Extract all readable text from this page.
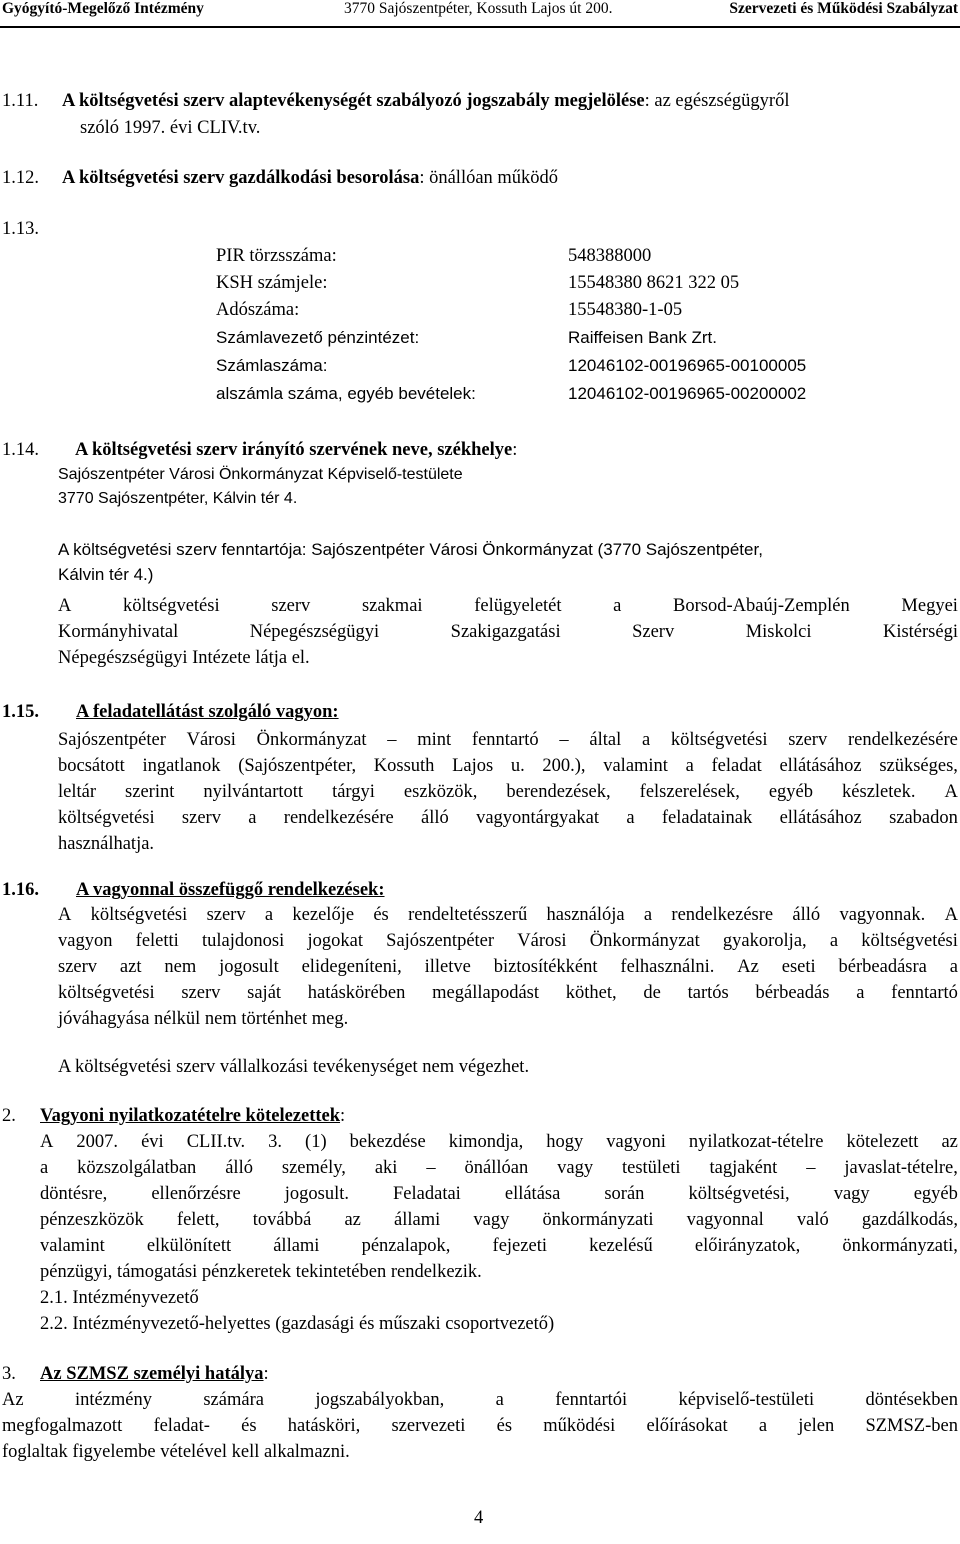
Gyógyító-Megelőző Intézmény	3770 Sajószentpéter, Kossuth Lajos út 200.	Szervezeti és Működési Szabályzat
1.11. A költségvetési szerv alaptevékenységét szabályozó jogszabály megjelölése: az egészségügyről
szóló 1997. évi CLIV.tv.
1.12. A költségvetési szerv gazdálkodási besorolása: önállóan működő
1.13.
PIR törzsszáma:	548388000
KSH számjele:	15548380 8621 322 05
Adószáma:	15548380-1-05
Számlavezető pénzintézet:	Raiffeisen Bank Zrt.
Számlaszáma:	12046102-00196965-00100005
alszámla száma, egyéb bevételek:	12046102-00196965-00200002
1.14. A költségvetési szerv irányító szervének neve, székhelye:
Sajószentpéter Városi Önkormányzat Képviselő-testülete
3770 Sajószentpéter, Kálvin tér 4.
A költségvetési szerv fenntartója: Sajószentpéter Városi Önkormányzat (3770 Sajószentpéter,
Kálvin tér 4.)
A	költségvetési	szerv	szakmai	felügyeletét	a	Borsod-Abaúj-Zemplén	Megyei
Kormányhivatal	Népegészségügyi	Szakigazgatási	Szerv	Miskolci	Kistérségi
Népegészségügyi Intézete látja el.
1.15. A feladatellátást szolgáló vagyon:
Sajószentpéter Városi Önkormányzat – mint fenntartó – által a költségvetési szerv rendelkezésére
bocsátott ingatlanok (Sajószentpéter, Kossuth Lajos u. 200.), valamint a feladat ellátásához szükséges,
leltár szerint nyilvántartott tárgyi eszközök, berendezések, felszerelések, egyéb készletek. A
költségvetési szerv a rendelkezésére álló vagyontárgyakat a feladatainak ellátásához szabadon
használhatja.
1.16. A vagyonnal összefüggő rendelkezések:
A költségvetési szerv a kezelője és rendeltetésszerű használója a rendelkezésre álló vagyonnak. A
vagyon feletti tulajdonosi jogokat Sajószentpéter Városi Önkormányzat gyakorolja, a költségvetési
szerv azt nem jogosult elidegeníteni, illetve biztosítékként felhasználni. Az eseti bérbeadásra a
költségvetési szerv saját hatáskörében megállapodást köthet, de tartós bérbeadás a fenntartó
jóváhagyása nélkül nem történhet meg.
A költségvetési szerv vállalkozási tevékenységet nem végezhet.
2. Vagyoni nyilatkozatételre kötelezettek:
A 2007. évi CLII.tv. 3. (1) bekezdése kimondja, hogy vagyoni nyilatkozat-tételre kötelezett az
a közszolgálatban álló személy, aki – önállóan vagy testületi tagjaként – javaslat-tételre,
döntésre, ellenőrzésre jogosult. Feladatai ellátása során költségvetési, vagy egyéb
pénzeszközök felett, továbbá az állami vagy önkormányzati vagyonnal való gazdálkodás,
valamint elkülönített állami pénzalapok, fejezeti kezelésű előirányzatok, önkormányzati,
pénzügyi, támogatási pénzkeretek tekintetében rendelkezik.
2.1. Intézményvezető
2.2. Intézményvezető-helyettes (gazdasági és műszaki csoportvezető)
3. Az SZMSZ személyi hatálya:
Az	intézmény	számára	jogszabályokban,	a	fenntartói	képviselő-testületi	döntésekben
megfogalmazott feladat- és hatásköri, szervezeti és működési előírásokat a jelen SZMSZ-ben
foglaltak figyelembe vételével kell alkalmazni.
4
